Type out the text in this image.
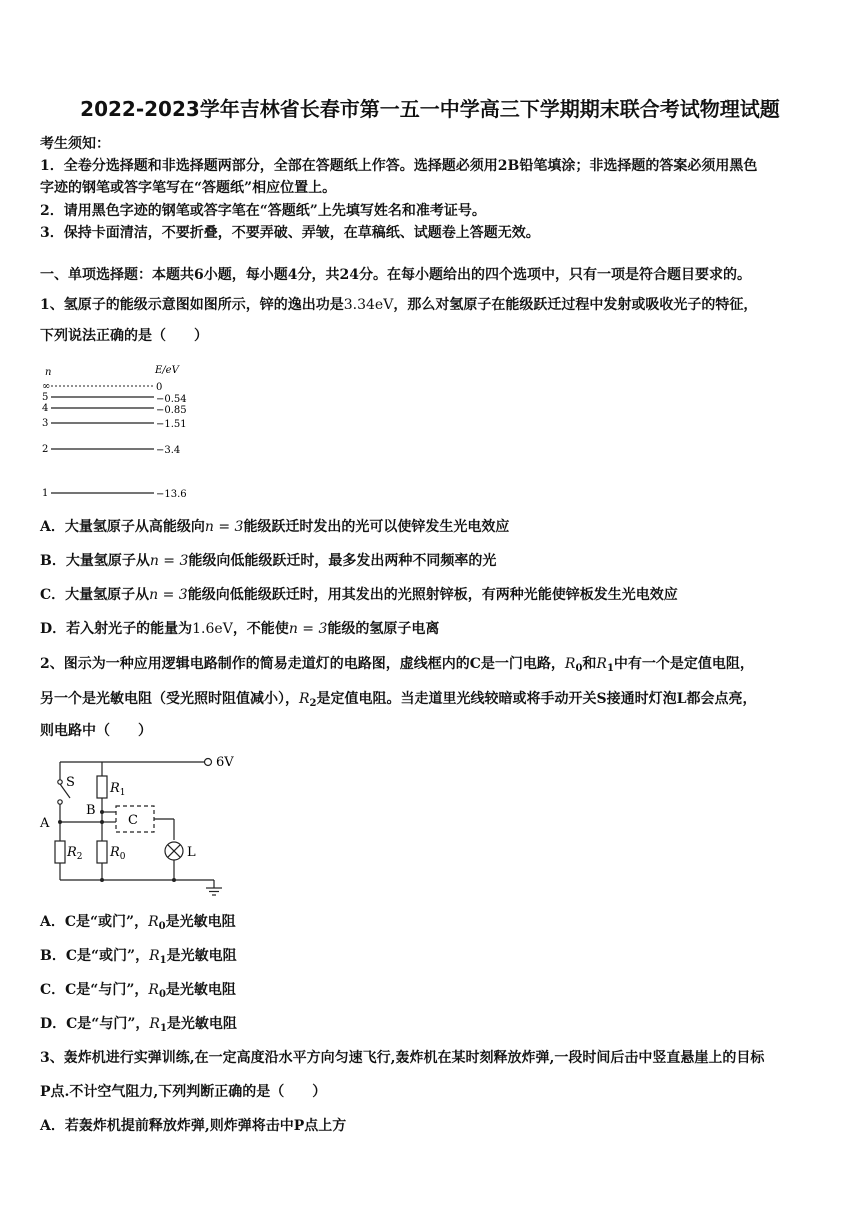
2022-2023学年吉林省长春市第一五一中学高三下学期期末联合考试物理试题
考生须知：
1．全卷分选择题和非选择题两部分，全部在答题纸上作答。选择题必须用2B铅笔填涂；非选择题的答案必须用黑色
字迹的钢笔或答字笔写在“答题纸”相应位置上。
2．请用黑色字迹的钢笔或答字笔在“答题纸”上先填写姓名和准考证号。
3．保持卡面清洁，不要折叠，不要弄破、弄皱，在草稿纸、试题卷上答题无效。
一、单项选择题：本题共6小题，每小题4分，共24分。在每小题给出的四个选项中，只有一项是符合题目要求的。
1、氢原子的能级示意图如图所示，锌的逸出功是3.34eV，那么对氢原子在能级跃迁过程中发射或吸收光子的特征，
下列说法正确的是（　　）
n	E/eV
∞	0
5	−0.54
4	−0.85
3	−1.51
2	−3.4
1	−13.6
A．大量氢原子从高能级向n = 3能级跃迁时发出的光可以使锌发生光电效应
B．大量氢原子从n = 3能级向低能级跃迁时，最多发出两种不同频率的光
C．大量氢原子从n = 3能级向低能级跃迁时，用其发出的光照射锌板，有两种光能使锌板发生光电效应
D．若入射光子的能量为1.6eV，不能使n = 3能级的氢原子电离
2、图示为一种应用逻辑电路制作的简易走道灯的电路图，虚线框内的C是一门电路，$R_0$和$R_1$中有一个是定值电阻，
另一个是光敏电阻（受光照时阻值减小），$R_2$是定值电阻。当走道里光线较暗或将手动开关S接通时灯泡L都会点亮，
则电路中（　　）
6V
S
A
B
C
L
$R_1$
$R_2$ $R_0$
A．C是“或门”，$R_0$是光敏电阻
B．C是“或门”，$R_1$是光敏电阻
C．C是“与门”，$R_0$是光敏电阻
D．C是“与门”，$R_1$是光敏电阻
3、轰炸机进行实弹训练,在一定高度沿水平方向匀速飞行,轰炸机在某时刻释放炸弹,一段时间后击中竖直悬崖上的目标
P点.不计空气阻力,下列判断正确的是（　　）
A．若轰炸机提前释放炸弹,则炸弹将击中P点上方
